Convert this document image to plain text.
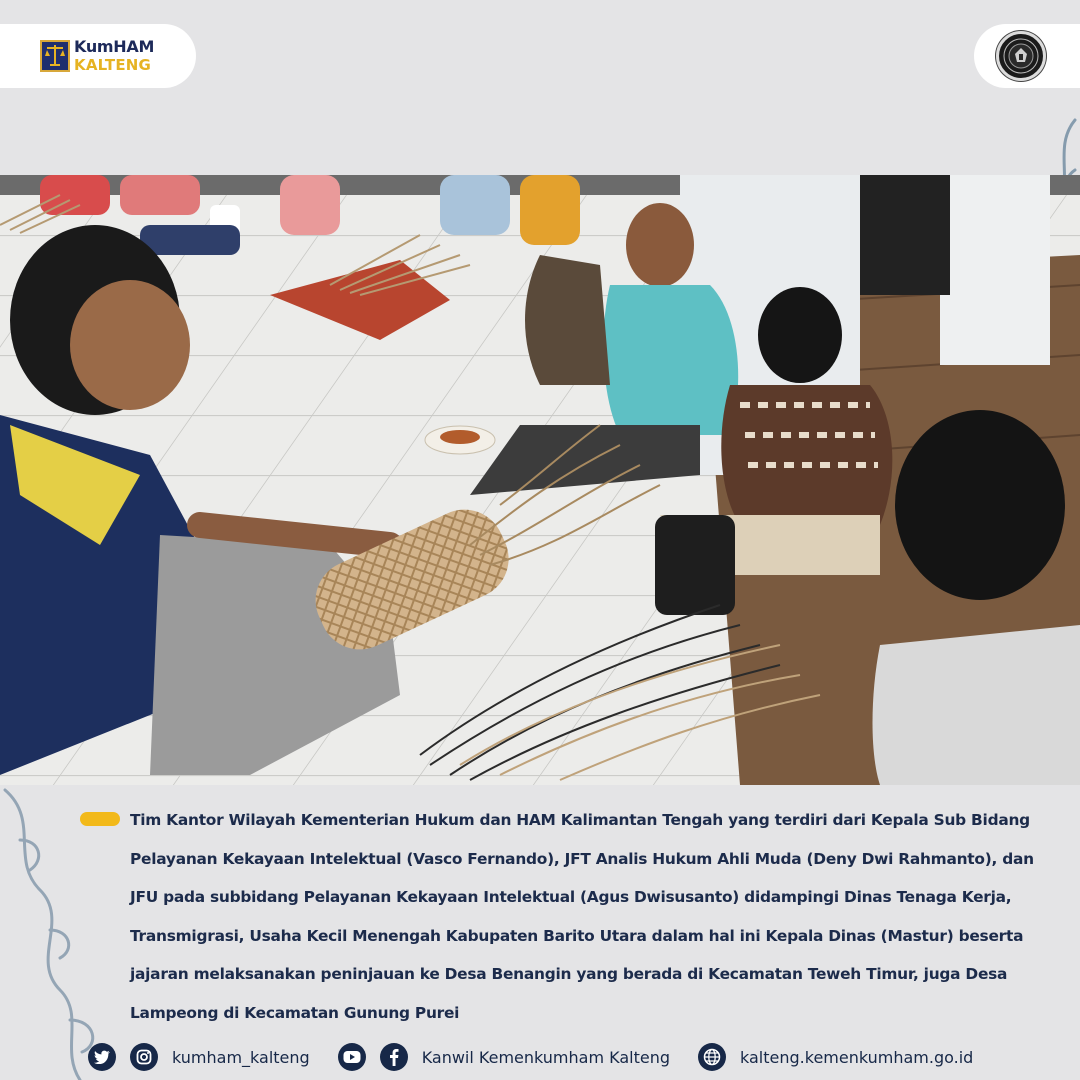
KumHAM
KALTENG

Tim Kantor Wilayah Kementerian Hukum dan HAM Kalimantan Tengah yang terdiri dari Kepala Sub Bidang Pelayanan Kekayaan Intelektual (Vasco Fernando), JFT Analis Hukum Ahli Muda (Deny Dwi Rahmanto), dan JFU pada subbidang Pelayanan Kekayaan Intelektual (Agus Dwisusanto) didampingi Dinas Tenaga Kerja, Transmigrasi, Usaha Kecil Menengah Kabupaten Barito Utara dalam hal ini Kepala Dinas (Mastur) beserta jajaran melaksanakan peninjauan ke Desa Benangin yang berada di Kecamatan Teweh Timur, juga Desa Lampeong di Kecamatan Gunung Purei

kumham_kalteng	Kanwil Kemenkumham Kalteng	kalteng.kemenkumham.go.id
